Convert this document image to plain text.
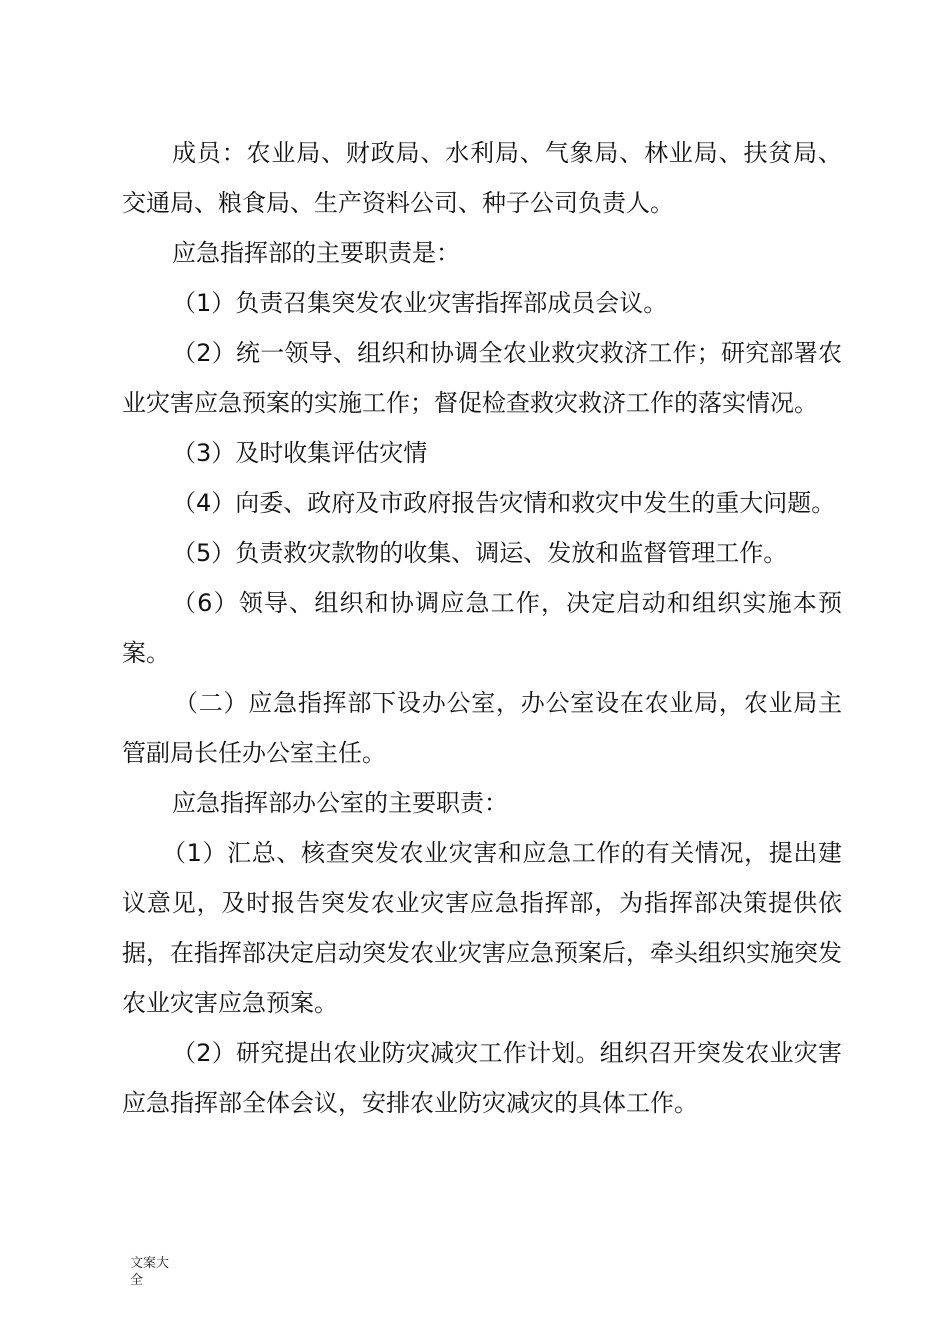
成员：农业局、财政局、水利局、气象局、林业局、扶贫局、交通局、粮食局、生产资料公司、种子公司负责人。

应急指挥部的主要职责是：

（1）负责召集突发农业灾害指挥部成员会议。

（2）统一领导、组织和协调全农业救灾救济工作；研究部署农业灾害应急预案的实施工作；督促检查救灾救济工作的落实情况。

（3）及时收集评估灾情

（4）向委、政府及市政府报告灾情和救灾中发生的重大问题。

（5）负责救灾款物的收集、调运、发放和监督管理工作。

（6）领导、组织和协调应急工作，决定启动和组织实施本预案。

（二）应急指挥部下设办公室，办公室设在农业局，农业局主管副局长任办公室主任。

应急指挥部办公室的主要职责：

（1）汇总、核查突发农业灾害和应急工作的有关情况，提出建议意见，及时报告突发农业灾害应急指挥部，为指挥部决策提供依据，在指挥部决定启动突发农业灾害应急预案后，牵头组织实施突发农业灾害应急预案。

（2）研究提出农业防灾减灾工作计划。组织召开突发农业灾害应急指挥部全体会议，安排农业防灾减灾的具体工作。

文案大全
